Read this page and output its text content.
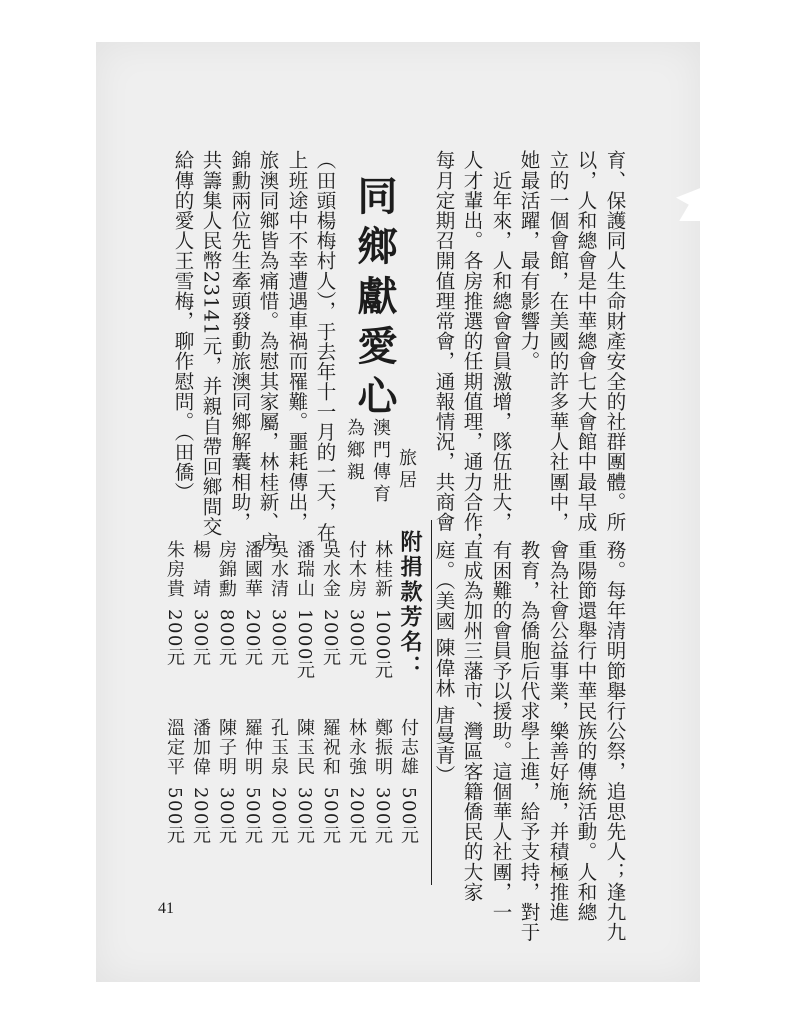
育、保護同人生命財產安全的社群團體。所

以，人和總會是中華總會七大會館中最早成

立的一個會館，在美國的許多華人社團中，

她最活躍，最有影響力。

　近年來，人和總會會員激增，隊伍壯大，

人才輩出。各房推選的任期值理，通力合作，

每月定期召開值理常會，通報情況，共商會

務。每年清明節舉行公祭，追思先人；逢九九

重陽節還舉行中華民族的傳統活動。人和總

會為社會公益事業，樂善好施，并積極推進

教育，為僑胞后代求學上進，給予支持，對于

有困難的會員予以援助。這個華人社團，一

直成為加州三藩市、灣區客籍僑民的大家

庭。（美國 陳偉林 唐曼青）

同鄉獻愛心
旅居
澳門傳育
為鄉親

（田頭楊梅村人），于去年十一月的一天，在

上班途中不幸遭遇車禍而罹難。噩耗傳出，

旅澳同鄉皆為痛惜。為慰其家屬，林桂新、房

錦勳兩位先生牽頭發動旅澳同鄉解囊相助，

共籌集人民幣23141元，并親自帶回鄉間交

給傳的愛人王雪梅，聊作慰問。（田僑）

附捐款芳名：
林桂新1000元
付木房300元
吳水金200元
潘瑞山1000元
吳水清300元
潘國華200元
房錦勳800元
楊　靖300元
朱房貴200元
付志雄500元
鄭振明300元
林永強200元
羅祝和500元
陳玉民300元
孔玉泉200元
羅仲明500元
陳子明300元
潘加偉200元
溫定平500元
41
